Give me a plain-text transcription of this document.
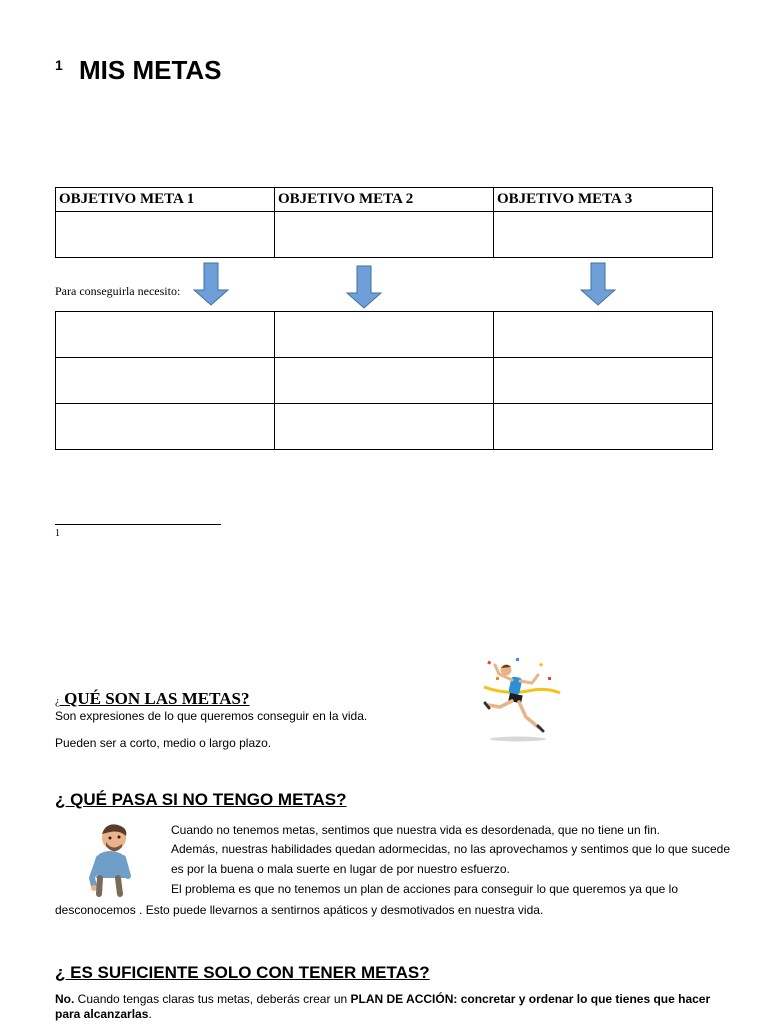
1 MIS METAS
OBJETIVO META 1	OBJETIVO META 2	OBJETIVO META 3

Para conseguirla necesito:

1
¿ QUÉ SON LAS METAS?
Son expresiones de lo que queremos conseguir en la vida.
Pueden ser a corto, medio o largo plazo.
¿ QUÉ PASA SI NO TENGO METAS?
Cuando no tenemos metas, sentimos que nuestra vida es desordenada, que no tiene un fin.
Además, nuestras habilidades quedan adormecidas, no las aprovechamos y sentimos que lo que sucede
es por la buena o mala suerte en lugar de por nuestro esfuerzo.
El problema es que no tenemos un plan de acciones para conseguir lo que queremos ya que lo
desconocemos . Esto puede llevarnos a sentirnos apáticos y desmotivados en nuestra vida.
¿ ES SUFICIENTE SOLO CON TENER METAS?
No. Cuando tengas claras tus metas, deberás crear un PLAN DE ACCIÓN: concretar y ordenar lo que tienes que hacer
para alcanzarlas.
